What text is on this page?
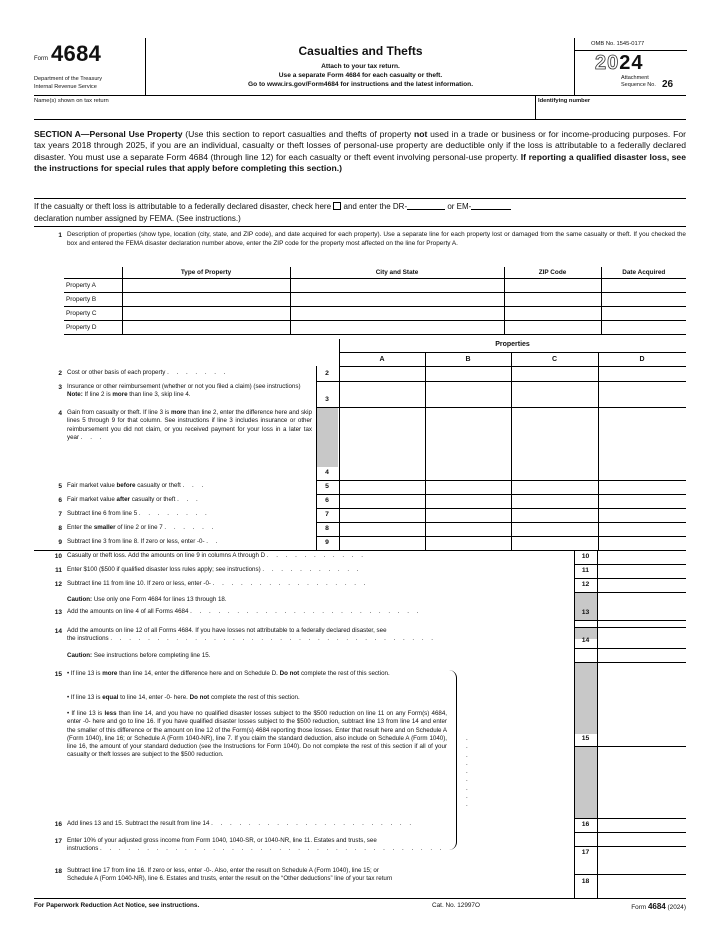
Form 4684
Department of the Treasury
Internal Revenue Service
Casualties and Thefts
Attach to your tax return.
Use a separate Form 4684 for each casualty or theft.
Go to www.irs.gov/Form4684 for instructions and the latest information.
OMB No. 1545-0177
2024
Attachment
Sequence No. 26
Name(s) shown on tax return	Identifying number
SECTION A—Personal Use Property (Use this section to report casualties and thefts of property not used in a trade or business or for income-producing purposes. For tax years 2018 through 2025, if you are an individual, casualty or theft losses of personal-use property are deductible only if the loss is attributable to a federally declared disaster. You must use a separate Form 4684 (through line 12) for each casualty or theft event involving personal-use property. If reporting a qualified disaster loss, see the instructions for special rules that apply before completing this section.)
If the casualty or theft loss is attributable to a federally declared disaster, check here and enter the DR-	or EM-
declaration number assigned by FEMA. (See instructions.)
1 Description of properties (show type, location (city, state, and ZIP code), and date acquired for each property). Use a separate line for each property lost or damaged from the same casualty or theft. If you checked the box and entered the FEMA disaster declaration number above, enter the ZIP code for the property most affected on the line for Property A.
	Type of Property	City and State	ZIP Code	Date Acquired
Property A				
Property B				
Property C				
Property D				
Properties
A	B	C	D
2
3
4
5
6
7
8
9
2 Cost or other basis of each property . . . . . . .
3 Insurance or other reimbursement (whether or not you filed a claim) (see instructions)
Note: If line 2 is more than line 3, skip line 4.
4 Gain from casualty or theft. If line 3 is more than line 2, enter the difference here and skip lines 5 through 9 for that column. See instructions if line 3 includes insurance or other reimbursement you did not claim, or you received payment for your loss in a later tax year . . .
5 Fair market value before casualty or theft . . .
6 Fair market value after casualty or theft . . .
7 Subtract line 6 from line 5 . . . . . . . .
8 Enter the smaller of line 2 or line 7 . . . . . .
9 Subtract line 3 from line 8. If zero or less, enter -0- . .
10
11
12
13
14
15
16
17
18
10 Casualty or theft loss. Add the amounts on line 9 in columns A through D . . . . . . . . . . .
11 Enter $100 ($500 if qualified disaster loss rules apply; see instructions) . . . . . . . . . . .
12 Subtract line 11 from line 10. If zero or less, enter -0- . . . . . . . . . . . . . . . . .
Caution: Use only one Form 4684 for lines 13 through 18.
13 Add the amounts on line 4 of all Forms 4684 . . . . . . . . . . . . . . . . . . . . . . . . .
14 Add the amounts on line 12 of all Forms 4684. If you have losses not attributable to a federally declared disaster, see
the instructions . . . . . . . . . . . . . . . . . . . . . . . . . . . . . . . . . . .
Caution: See instructions before completing line 15.
15 • If line 13 is more than line 14, enter the difference here and on Schedule D. Do not complete the rest of this section.
• If line 13 is equal to line 14, enter -0- here. Do not complete the rest of this section.
• If line 13 is less than line 14, and you have no qualified disaster losses subject to the $500 reduction on line 11 on any Form(s) 4684, enter -0- here and go to line 16. If you have qualified disaster losses subject to the $500 reduction, subtract line 13 from line 14 and enter the smaller of this difference or the amount on line 12 of the Form(s) 4684 reporting those losses. Enter that result here and on Schedule A (Form 1040), line 16; or Schedule A (Form 1040-NR), line 7. If you claim the standard deduction, also include on Schedule A (Form 1040), line 16, the amount of your standard deduction (see the Instructions for Form 1040). Do not complete the rest of this section if all of your casualty or theft losses are subject to the $500 reduction.
. . . . . . . . .
16 Add lines 13 and 15. Subtract the result from line 14 . . . . . . . . . . . . . . . . . . . . . .
17 Enter 10% of your adjusted gross income from Form 1040, 1040-SR, or 1040-NR, line 11. Estates and trusts, see
instructions . . . . . . . . . . . . . . . . . . . . . . . . . . . . . . . . . . . . .
18 Subtract line 17 from line 16. If zero or less, enter -0-. Also, enter the result on Schedule A (Form 1040), line 15; or
Schedule A (Form 1040-NR), line 6. Estates and trusts, enter the result on the “Other deductions” line of your tax return
For Paperwork Reduction Act Notice, see instructions.	Cat. No. 12997O	Form 4684 (2024)
